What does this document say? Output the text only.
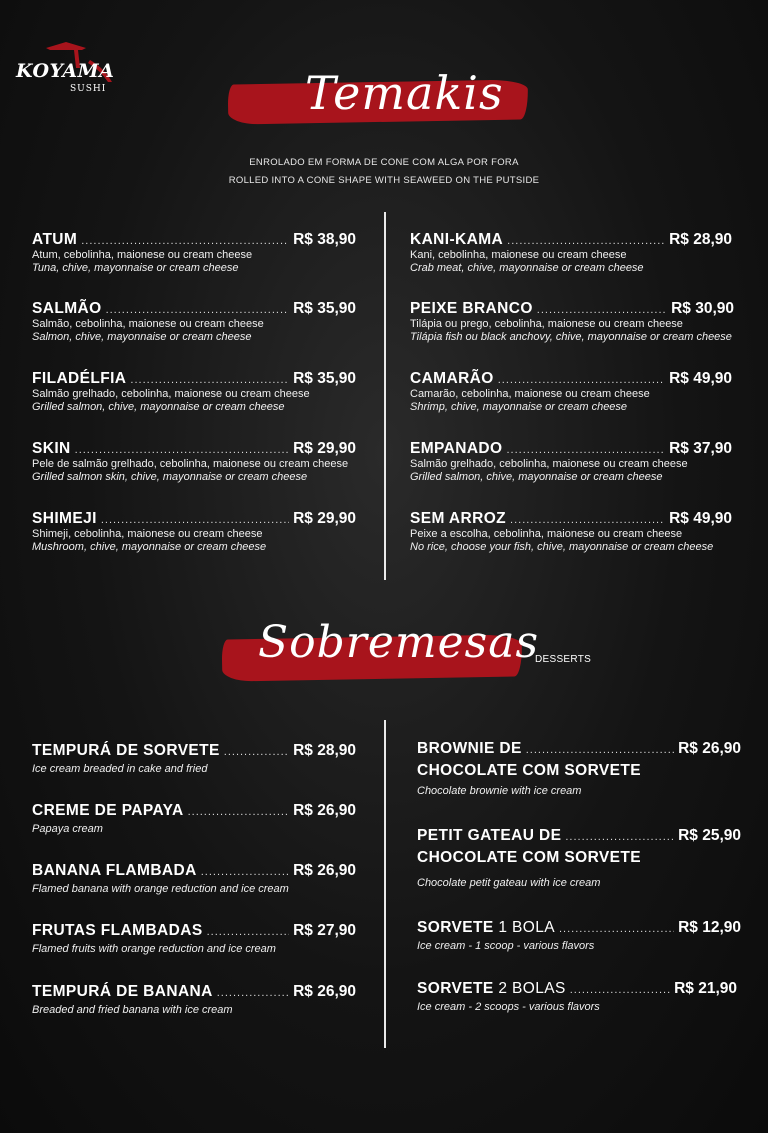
KOYAMA
SUSHI	Temakis
ENROLADO EM FORMA DE CONE COM ALGA POR FORA
ROLLED INTO A CONE SHAPE WITH SEAWEED ON THE PUTSIDE
ATUM .....	R$ 38,90
Atum, cebolinha, maionese ou cream cheese
Tuna, chive, mayonnaise or cream cheese
SALMÃO .....	R$ 35,90
Salmão, cebolinha, maionese ou cream cheese
Salmon, chive, mayonnaise or cream cheese
FILADÉLFIA .....	R$ 35,90
Salmão grelhado, cebolinha, maionese ou cream cheese
Grilled salmon, chive, mayonnaise or cream cheese
SKIN .....	R$ 29,90
Pele de salmão grelhado, cebolinha, maionese ou cream cheese
Grilled salmon skin, chive, mayonnaise or cream cheese
SHIMEJI .....	R$ 29,90
Shimeji, cebolinha, maionese ou cream cheese
Mushroom, chive, mayonnaise or cream cheese
KANI-KAMA .....	R$ 28,90
Kani, cebolinha, maionese ou cream cheese
Crab meat, chive, mayonnaise or cream cheese
PEIXE BRANCO .....	R$ 30,90
Tilápia ou prego, cebolinha, maionese ou cream cheese
Tilápia fish ou black anchovy, chive, mayonnaise or cream cheese
CAMARÃO .....	R$ 49,90
Camarão, cebolinha, maionese ou cream cheese
Shrimp, chive, mayonnaise or cream cheese
EMPANADO .....	R$ 37,90
Salmão grelhado, cebolinha, maionese ou cream cheese
Grilled salmon, chive, mayonnaise or cream cheese
SEM ARROZ .....	R$ 49,90
Peixe a escolha, cebolinha, maionese ou cream cheese
No rice, choose your fish, chive, mayonnaise or cream cheese
Sobremesas
DESSERTS
TEMPURÁ DE SORVETE .....	R$ 28,90
Ice cream breaded in cake and fried
CREME DE PAPAYA .....	R$ 26,90
Papaya cream
BANANA FLAMBADA .....	R$ 26,90
Flamed banana with orange reduction and ice cream
FRUTAS FLAMBADAS .....	R$ 27,90
Flamed fruits with orange reduction and ice cream
TEMPURÁ DE BANANA .....	R$ 26,90
Breaded and fried banana with ice cream
BROWNIE DE .....	R$ 26,90
CHOCOLATE COM SORVETE
Chocolate brownie with ice cream
PETIT GATEAU DE .....	R$ 25,90
CHOCOLATE COM SORVETE
Chocolate petit gateau with ice cream
SORVETE 1 BOLA .....	R$ 12,90
Ice cream - 1 scoop - various flavors
SORVETE 2 BOLAS .....	R$ 21,90
Ice cream - 2 scoops - various flavors
